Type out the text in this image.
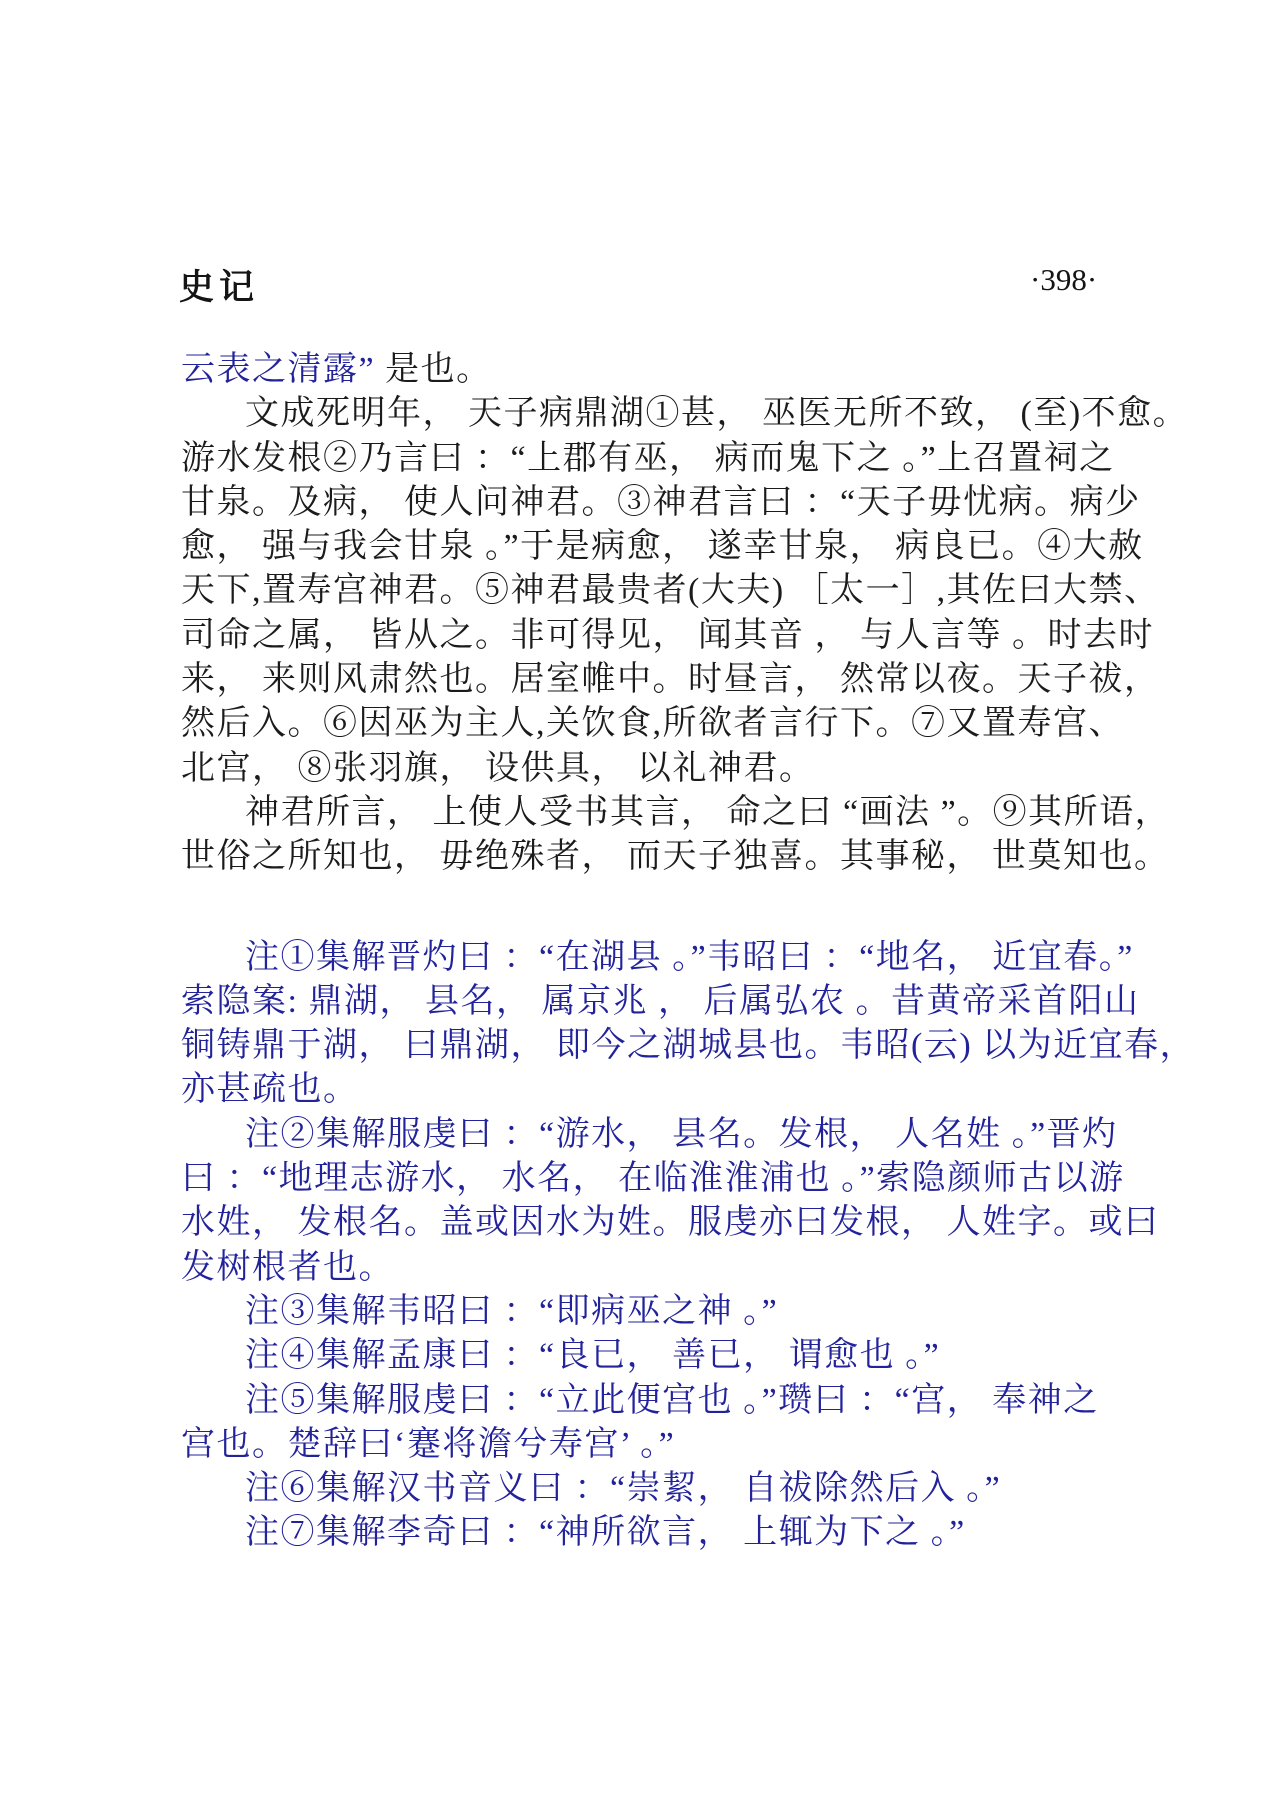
史记	·398·
云表之清露” 是也。
文成死明年， 天子病鼎湖①甚， 巫医无所不致， (至)不愈。
游水发根②乃言曰 ：“上郡有巫， 病而鬼下之 。”上召置祠之
甘泉。及病， 使人问神君。③神君言曰 ：“天子毋忧病。病少
愈， 强与我会甘泉 。”于是病愈， 遂幸甘泉， 病良已。④大赦
天下,置寿宫神君。⑤神君最贵者(大夫) ［太一］,其佐曰大禁、
司命之属， 皆从之。非可得见， 闻其音 ， 与人言等 。时去时
来， 来则风肃然也。居室帷中。时昼言， 然常以夜。天子祓，
然后入。⑥因巫为主人,关饮食,所欲者言行下。⑦又置寿宫、
北宫， ⑧张羽旗， 设供具， 以礼神君。
神君所言， 上使人受书其言， 命之曰 “画法 ”。⑨其所语，
世俗之所知也， 毋绝殊者， 而天子独喜。其事秘， 世莫知也。
注①集解晋灼曰 ：“在湖县 。”韦昭曰 ：“地名， 近宜春。”
索隐案: 鼎湖， 县名， 属京兆 ， 后属弘农 。昔黄帝采首阳山
铜铸鼎于湖， 曰鼎湖， 即今之湖城县也。韦昭(云) 以为近宜春，
亦甚疏也。
注②集解服虔曰 ：“游水， 县名。发根， 人名姓 。”晋灼
曰 ：“地理志游水， 水名， 在临淮淮浦也 。”索隐颜师古以游
水姓， 发根名。盖或因水为姓。服虔亦曰发根， 人姓字。或曰
发树根者也。
注③集解韦昭曰 ：“即病巫之神 。”
注④集解孟康曰 ：“良已， 善已， 谓愈也 。”
注⑤集解服虔曰 ：“立此便宫也 。”瓒曰 ：“宫， 奉神之
宫也。楚辞曰‘蹇将澹兮寿宫’ 。”
注⑥集解汉书音义曰 ：“崇絜， 自祓除然后入 。”
注⑦集解李奇曰 ：“神所欲言， 上辄为下之 。”
